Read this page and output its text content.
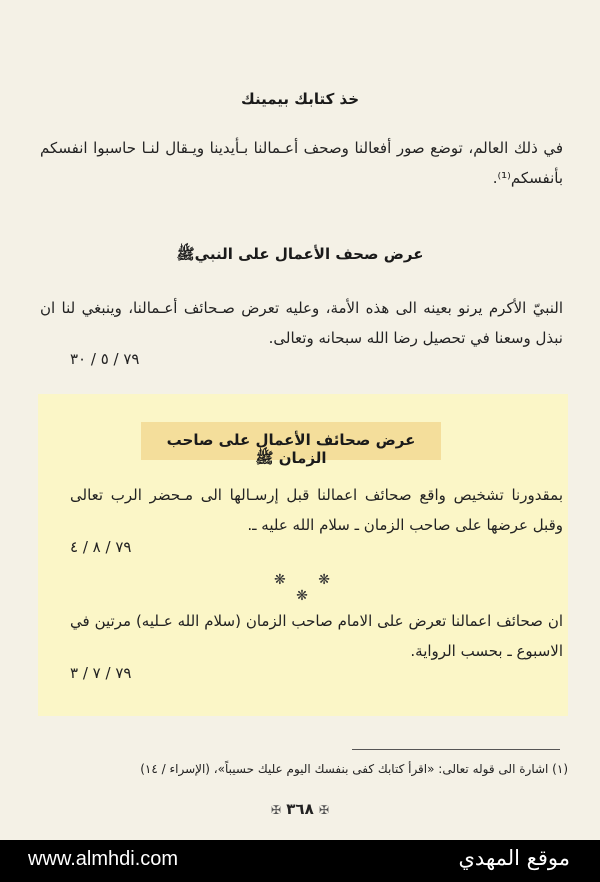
خذ كتابك بيمينك
في ذلك العالم، توضع صور أفعالنا وصحف أعـمالنا بـأيدينا ويـقال لنـا حاسبوا انفسكم بأنفسكم⁽¹⁾.
عرض صحف الأعمال على النبيﷺ
النبيّ الأكرم يرنو بعينه الى هذه الأمة، وعليه تعرض صـحائف أعـمالنا، وينبغي لنا ان نبذل وسعنا في تحصيل رضا الله سبحانه وتعالى.
٧٩ / ٥ / ٣٠
عرض صحائف الأعمال على صاحب الزمان ﷺ
بمقدورنا تشخيص واقع صحائف اعمالنا قبل إرسـالها الى مـحضر الرب تعالى وقبل عرضها على صاحب الزمان ـ سلام الله عليه ـ.
٧٩ / ٨ / ٤
❋ ❋ ❋
ان صحائف اعمالنا تعرض على الامام صاحب الزمان (سلام الله عـليه) مرتين في الاسبوع ـ بحسب الرواية.
٧٩ / ٧ / ٣
(١) اشارة الى قوله تعالى: «اقرأ كتابك كفى بنفسك اليوم عليك حسيباً»، (الإسراء / ١٤)
✠ ٣٦٨ ✠
www.almhdi.com	موقع المهدي
